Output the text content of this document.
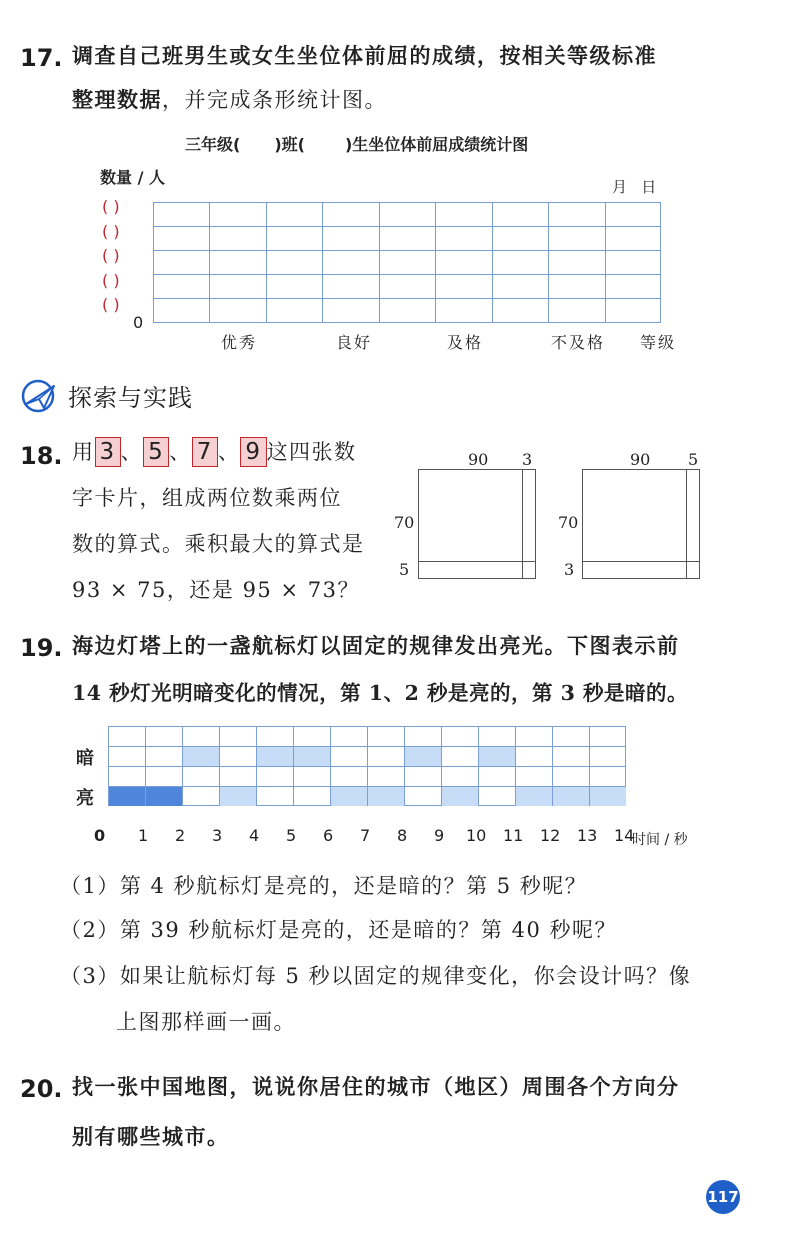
17. 调查自己班男生或女生坐位体前屈的成绩，按相关等级标准
整理数据，并完成条形统计图。
三年级( )班(	)生坐位体前屈成绩统计图
数量 / 人	月   日
( )
( )
( )
( )
( )
0
优秀	良好	及格	不及格 等级
探索与实践
18. 用 3 、 5 、 7 、 9 这四张数
字卡片，组成两位数乘两位
数的算式。乘积最大的算式是
93 × 75，还是 95 × 73？
90 3
70
5
90 5
70
3
19. 海边灯塔上的一盏航标灯以固定的规律发出亮光。下图表示前
14 秒灯光明暗变化的情况，第 1、2 秒是亮的，第 3 秒是暗的。
暗
亮
0 1 2 3 4 5 6 7 8 9 10 11 12 13 14
时间 / 秒
（1）第 4 秒航标灯是亮的，还是暗的？第 5 秒呢？
（2）第 39 秒航标灯是亮的，还是暗的？第 40 秒呢？
（3）如果让航标灯每 5 秒以固定的规律变化，你会设计吗？像
上图那样画一画。
20. 找一张中国地图，说说你居住的城市（地区）周围各个方向分
别有哪些城市。
117
